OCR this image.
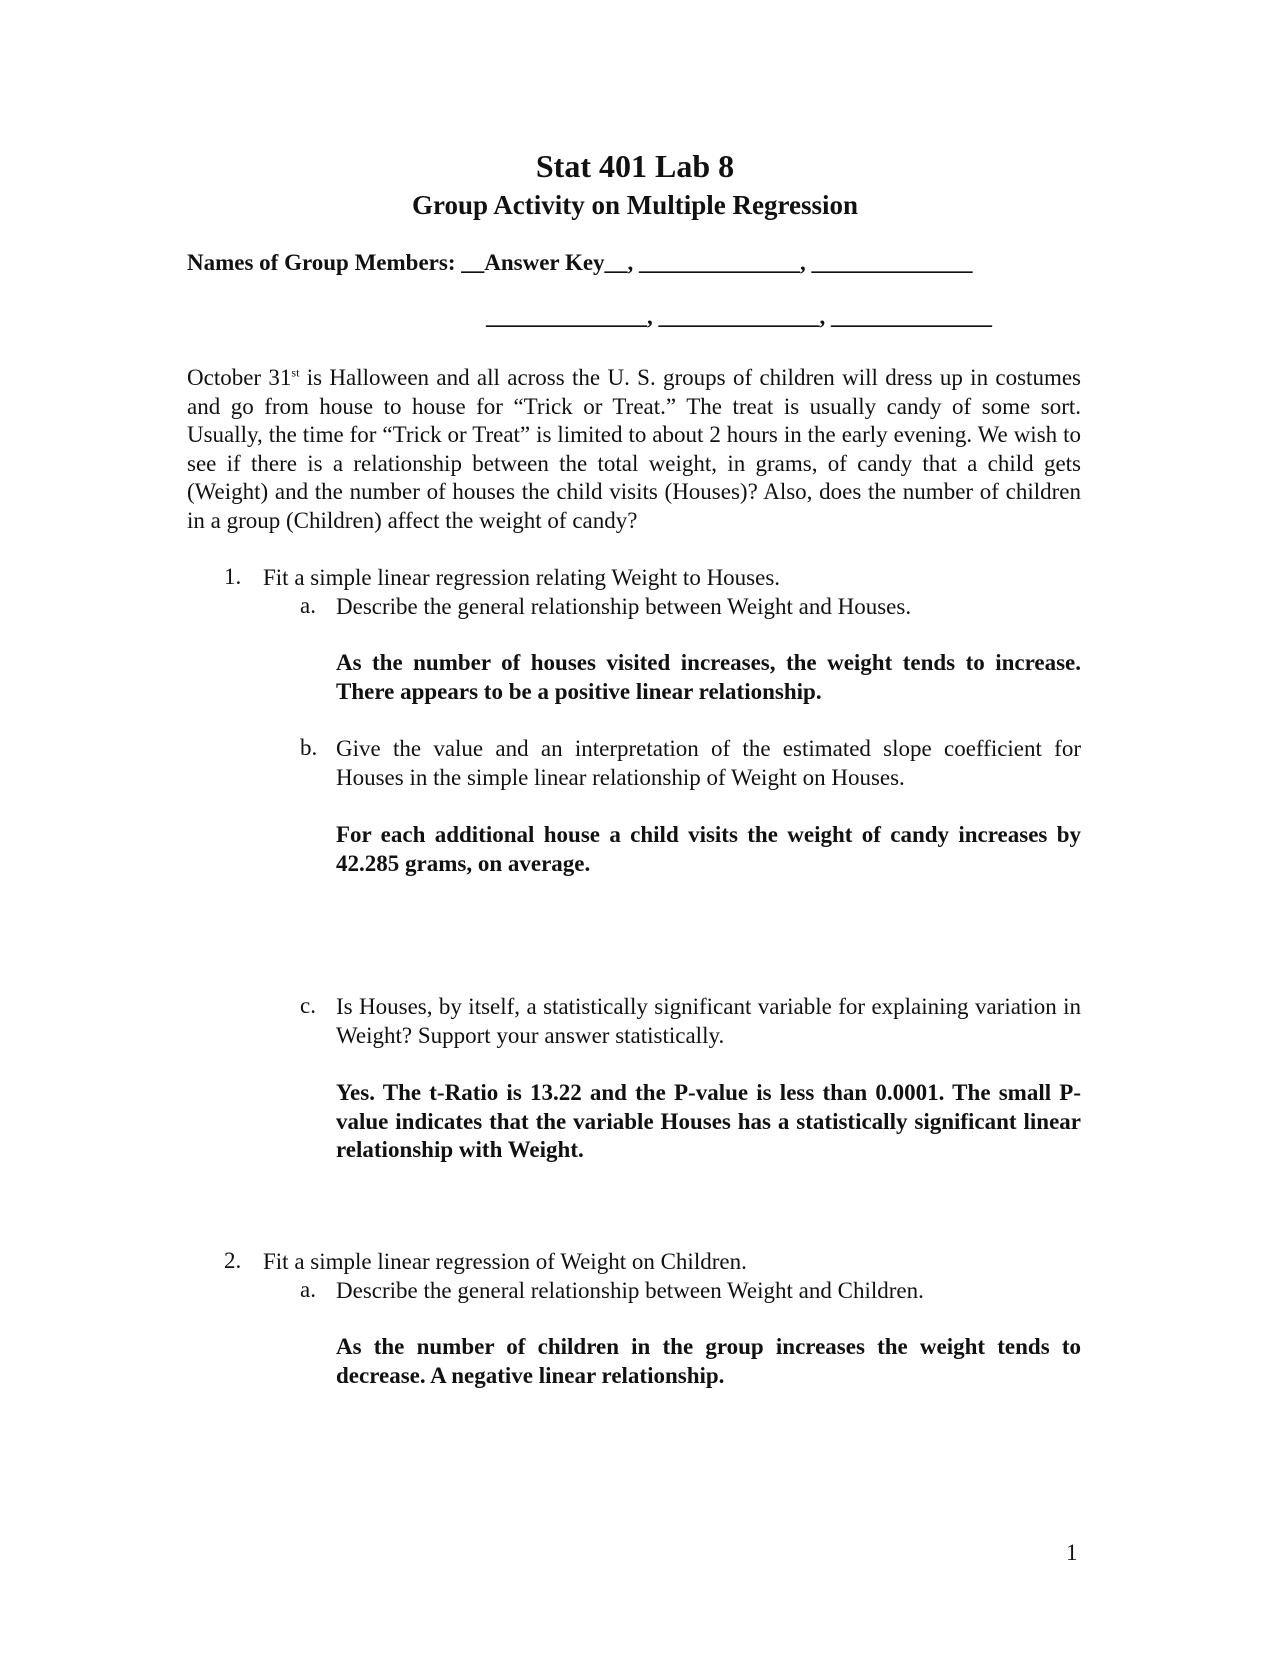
Stat 401 Lab 8
Group Activity on Multiple Regression
Names of Group Members: __Answer Key__, ______________, ______________
______________, ______________, ______________
October 31st is Halloween and all across the U. S. groups of children will dress up in costumes and go from house to house for “Trick or Treat.” The treat is usually candy of some sort. Usually, the time for “Trick or Treat” is limited to about 2 hours in the early evening. We wish to see if there is a relationship between the total weight, in grams, of candy that a child gets (Weight) and the number of houses the child visits (Houses)? Also, does the number of children in a group (Children) affect the weight of candy?
1. Fit a simple linear regression relating Weight to Houses.
a. Describe the general relationship between Weight and Houses.
As the number of houses visited increases, the weight tends to increase. There appears to be a positive linear relationship.
b. Give the value and an interpretation of the estimated slope coefficient for Houses in the simple linear relationship of Weight on Houses.
For each additional house a child visits the weight of candy increases by 42.285 grams, on average.
c. Is Houses, by itself, a statistically significant variable for explaining variation in Weight? Support your answer statistically.
Yes. The t-Ratio is 13.22 and the P-value is less than 0.0001. The small P-value indicates that the variable Houses has a statistically significant linear relationship with Weight.
2. Fit a simple linear regression of Weight on Children.
a. Describe the general relationship between Weight and Children.
As the number of children in the group increases the weight tends to decrease. A negative linear relationship.
1
